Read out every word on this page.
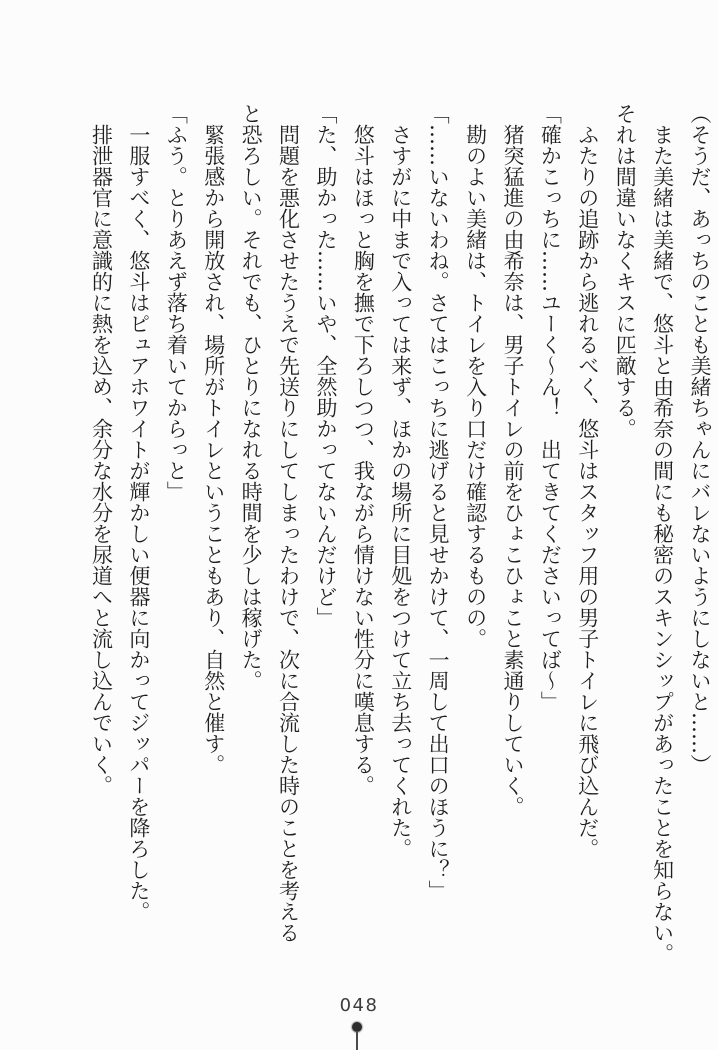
（そうだ、あっちのことも美緒ちゃんにバレないようにしないと……）
　また美緒は美緒で、悠斗と由希奈の間にも秘密のスキンシップがあったことを知らない。
それは間違いなくキスに匹敵する。
　ふたりの追跡から逃れるべく、悠斗はスタッフ用の男子トイレに飛び込んだ。
「確かこっちに……ユーく～ん！　出てきてくださいってば～」
　猪突猛進の由希奈は、男子トイレの前をひょこひょこと素通りしていく。
　勘のよい美緒は、トイレを入り口だけ確認するものの。
「……いないわね。さてはこっちに逃げると見せかけて、一周して出口のほうに？」
　さすがに中まで入っては来ず、ほかの場所に目処をつけて立ち去ってくれた。
　悠斗はほっと胸を撫で下ろしつつ、我ながら情けない性分に嘆息する。
「た、助かった……いや、全然助かってないんだけど」
　問題を悪化させたうえで先送りにしてしまったわけで、次に合流した時のことを考える
と恐ろしい。それでも、ひとりになれる時間を少しは稼げた。
　緊張感から開放され、場所がトイレということもあり、自然と催す。
「ふう。とりあえず落ち着いてからっと」
　一服すべく、悠斗はピュアホワイトが輝かしい便器に向かってジッパーを降ろした。
　排泄器官に意識的に熱を込め、余分な水分を尿道へと流し込んでいく。
048
